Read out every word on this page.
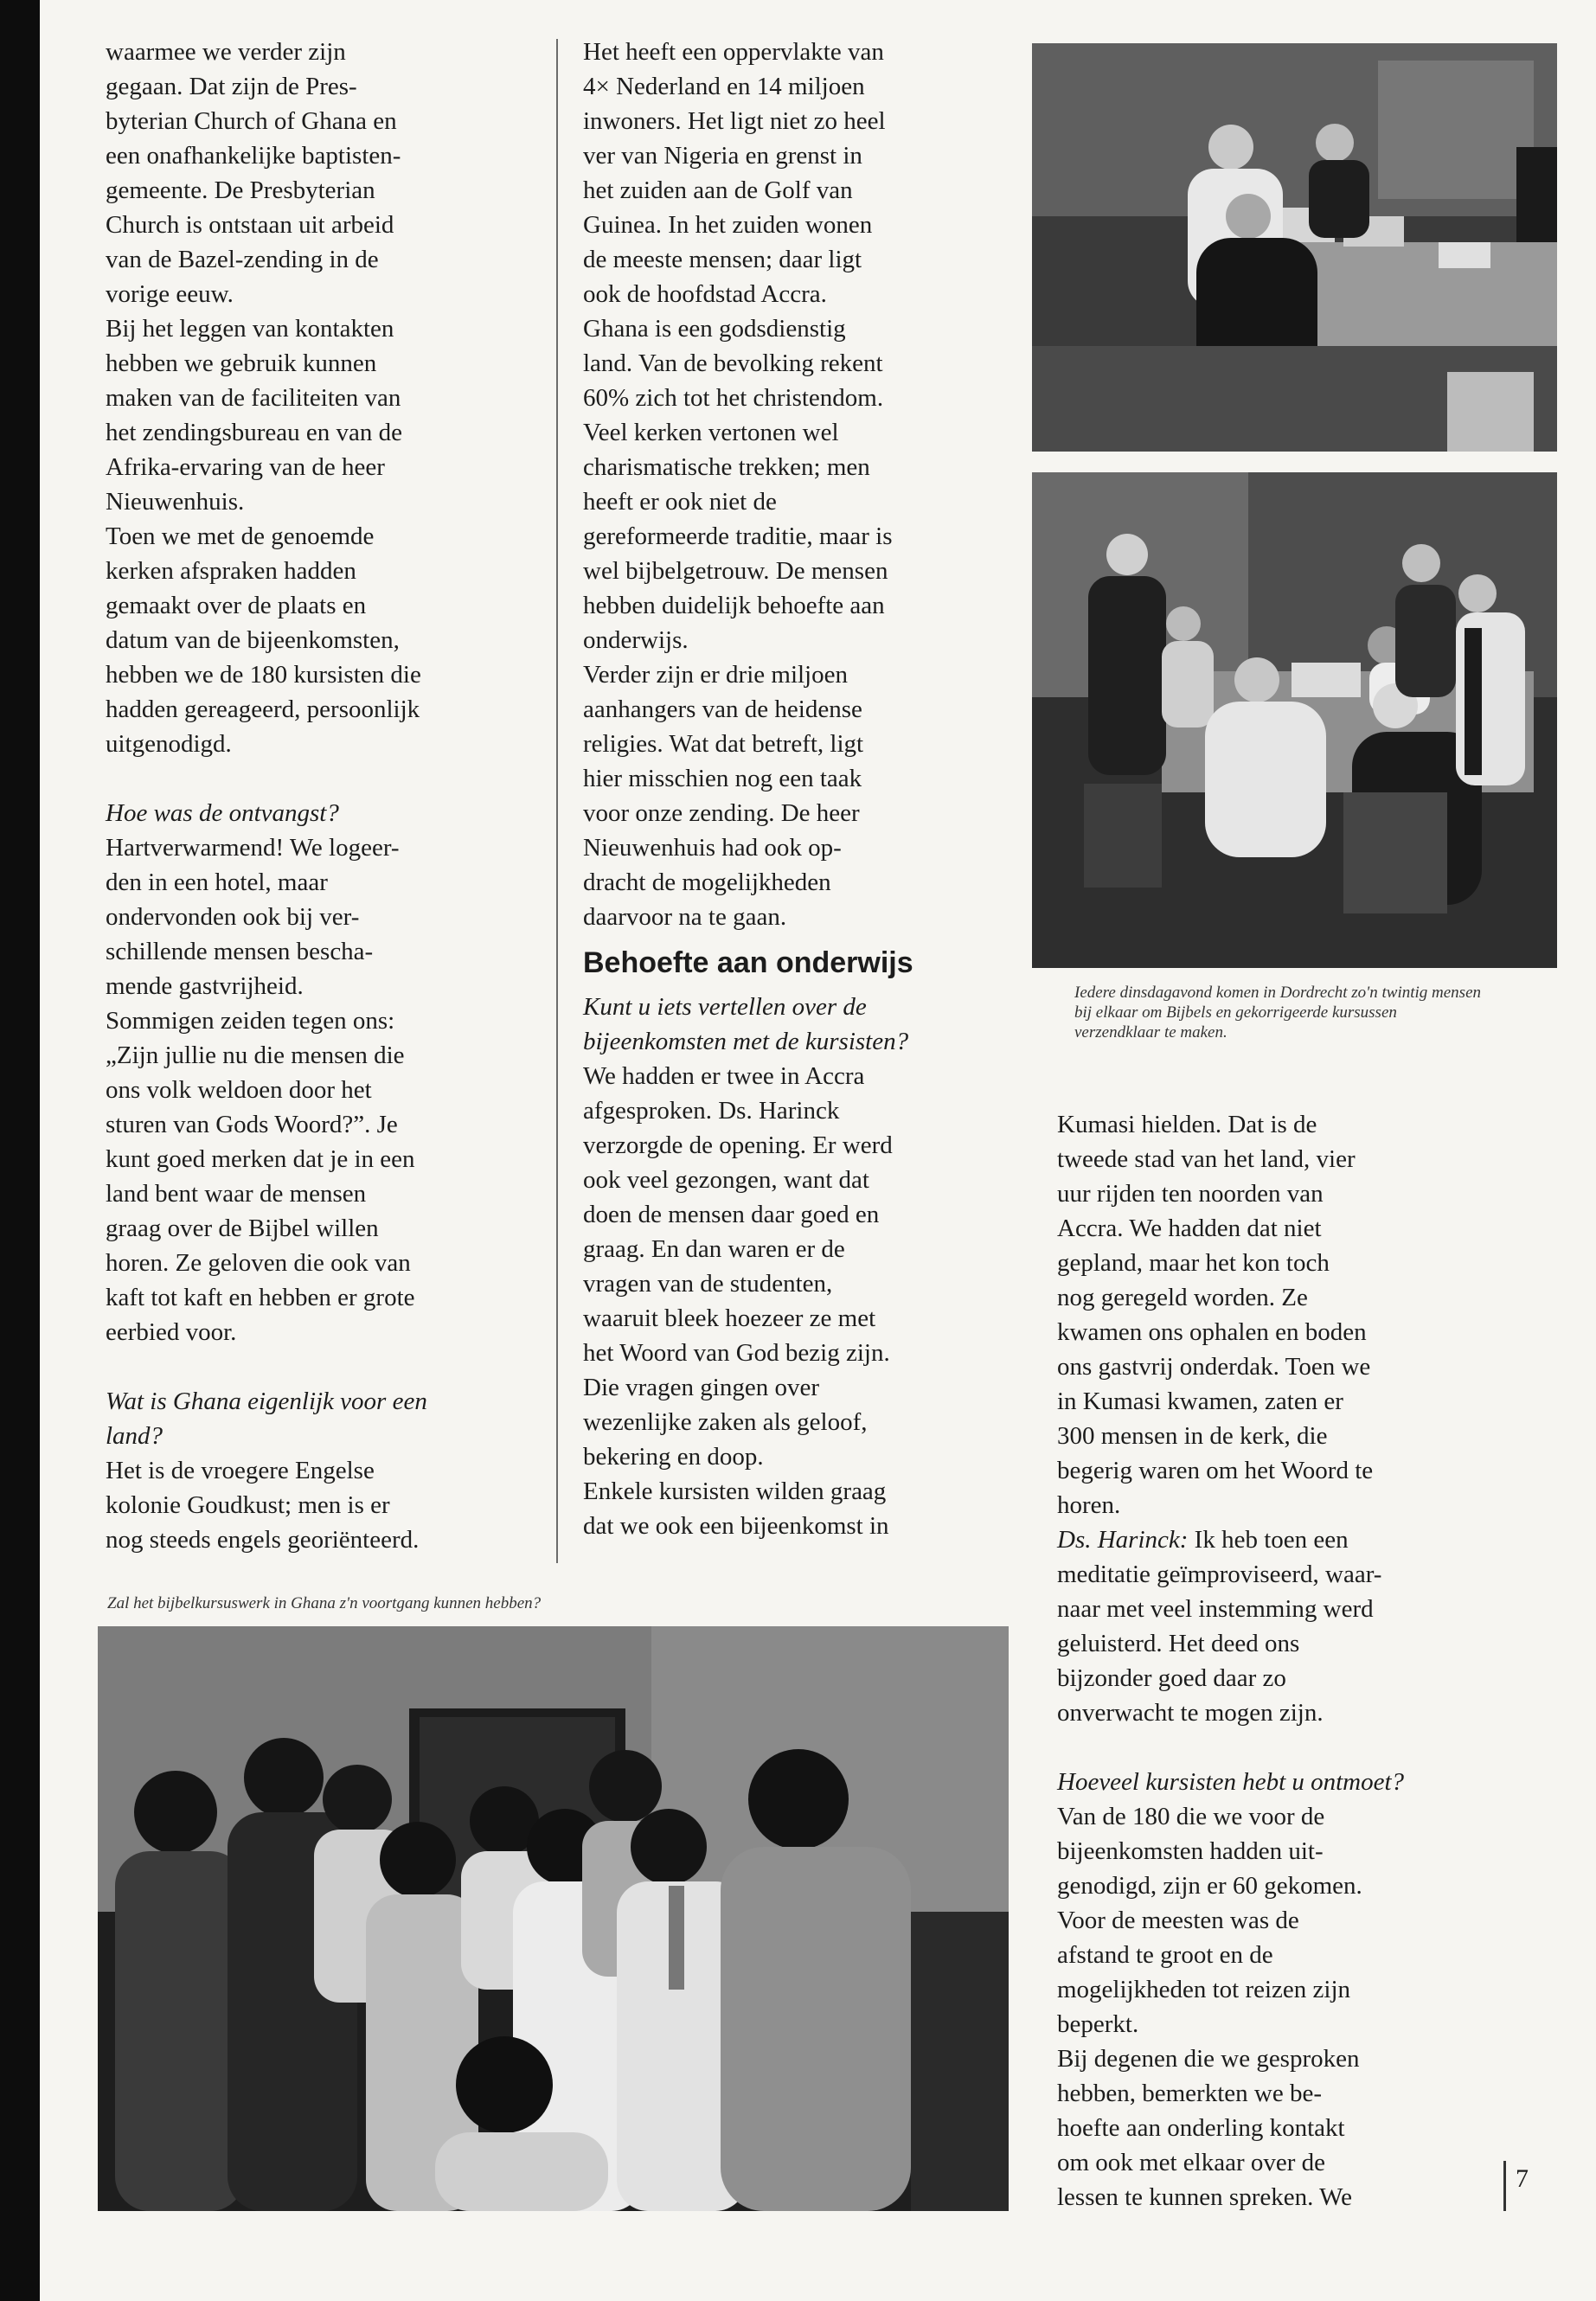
waarmee we verder zijn

gegaan. Dat zijn de Pres-

byterian Church of Ghana en

een onafhankelijke baptisten-

gemeente. De Presbyterian

Church is ontstaan uit arbeid

van de Bazel-zending in de

vorige eeuw.

Bij het leggen van kontakten

hebben we gebruik kunnen

maken van de faciliteiten van

het zendingsbureau en van de

Afrika-ervaring van de heer

Nieuwenhuis.

Toen we met de genoemde

kerken afspraken hadden

gemaakt over de plaats en

datum van de bijeenkomsten,

hebben we de 180 kursisten die

hadden gereageerd, persoonlijk

uitgenodigd.

Hoe was de ontvangst?

Hartverwarmend! We logeer-

den in een hotel, maar

ondervonden ook bij ver-

schillende mensen bescha-

mende gastvrijheid.

Sommigen zeiden tegen ons:

„Zijn jullie nu die mensen die

ons volk weldoen door het

sturen van Gods Woord?”. Je

kunt goed merken dat je in een

land bent waar de mensen

graag over de Bijbel willen

horen. Ze geloven die ook van

kaft tot kaft en hebben er grote

eerbied voor.

Wat is Ghana eigenlijk voor een

land?

Het is de vroegere Engelse

kolonie Goudkust; men is er

nog steeds engels georiënteerd.

Het heeft een oppervlakte van

4× Nederland en 14 miljoen

inwoners. Het ligt niet zo heel

ver van Nigeria en grenst in

het zuiden aan de Golf van

Guinea. In het zuiden wonen

de meeste mensen; daar ligt

ook de hoofdstad Accra.

Ghana is een godsdienstig

land. Van de bevolking rekent

60% zich tot het christendom.

Veel kerken vertonen wel

charismatische trekken; men

heeft er ook niet de

gereformeerde traditie, maar is

wel bijbelgetrouw. De mensen

hebben duidelijk behoefte aan

onderwijs.

Verder zijn er drie miljoen

aanhangers van de heidense

religies. Wat dat betreft, ligt

hier misschien nog een taak

voor onze zending. De heer

Nieuwenhuis had ook op-

dracht de mogelijkheden

daarvoor na te gaan.

Behoefte aan onderwijs

Kunt u iets vertellen over de

bijeenkomsten met de kursisten?

We hadden er twee in Accra

afgesproken. Ds. Harinck

verzorgde de opening. Er werd

ook veel gezongen, want dat

doen de mensen daar goed en

graag. En dan waren er de

vragen van de studenten,

waaruit bleek hoezeer ze met

het Woord van God bezig zijn.

Die vragen gingen over

wezenlijke zaken als geloof,

bekering en doop.

Enkele kursisten wilden graag

dat we ook een bijeenkomst in

Iedere dinsdagavond komen in Dordrecht zo'n twintig mensen bij elkaar om Bijbels en gekorrigeerde kursussen verzendklaar te maken.

Kumasi hielden. Dat is de

tweede stad van het land, vier

uur rijden ten noorden van

Accra. We hadden dat niet

gepland, maar het kon toch

nog geregeld worden. Ze

kwamen ons ophalen en boden

ons gastvrij onderdak. Toen we

in Kumasi kwamen, zaten er

300 mensen in de kerk, die

begerig waren om het Woord te

horen.

Ds. Harinck: Ik heb toen een

meditatie geïmproviseerd, waar-

naar met veel instemming werd

geluisterd. Het deed ons

bijzonder goed daar zo

onverwacht te mogen zijn.

Hoeveel kursisten hebt u ontmoet?

Van de 180 die we voor de

bijeenkomsten hadden uit-

genodigd, zijn er 60 gekomen.

Voor de meesten was de

afstand te groot en de

mogelijkheden tot reizen zijn

beperkt.

Bij degenen die we gesproken

hebben, bemerkten we be-

hoefte aan onderling kontakt

om ook met elkaar over de

lessen te kunnen spreken. We

Zal het bijbelkursuswerk in Ghana z'n voortgang kunnen hebben?
7
